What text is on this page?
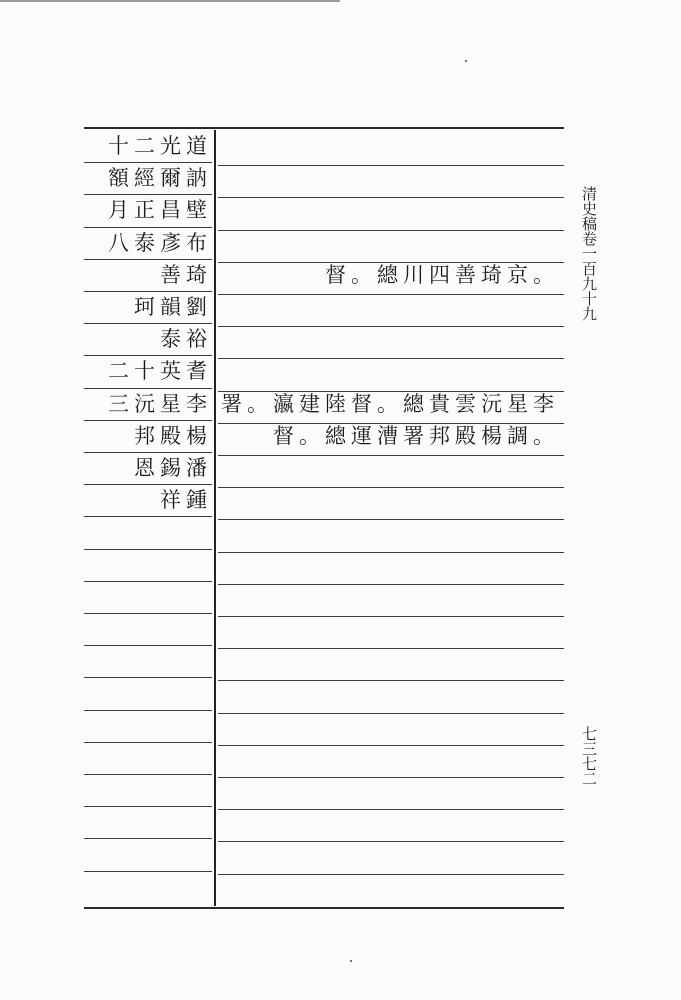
十二光道
額經爾訥
月正昌壁
八泰彥布
善琦	督。總川四善琦京。
珂韻劉
泰裕
二十英耆
三沅星李 署。瀛建陸督。總貴雲沅星李
邦殿楊	督。總運漕署邦殿楊調。
恩錫潘
祥鍾
清史稿卷一百九十九
七三七二
